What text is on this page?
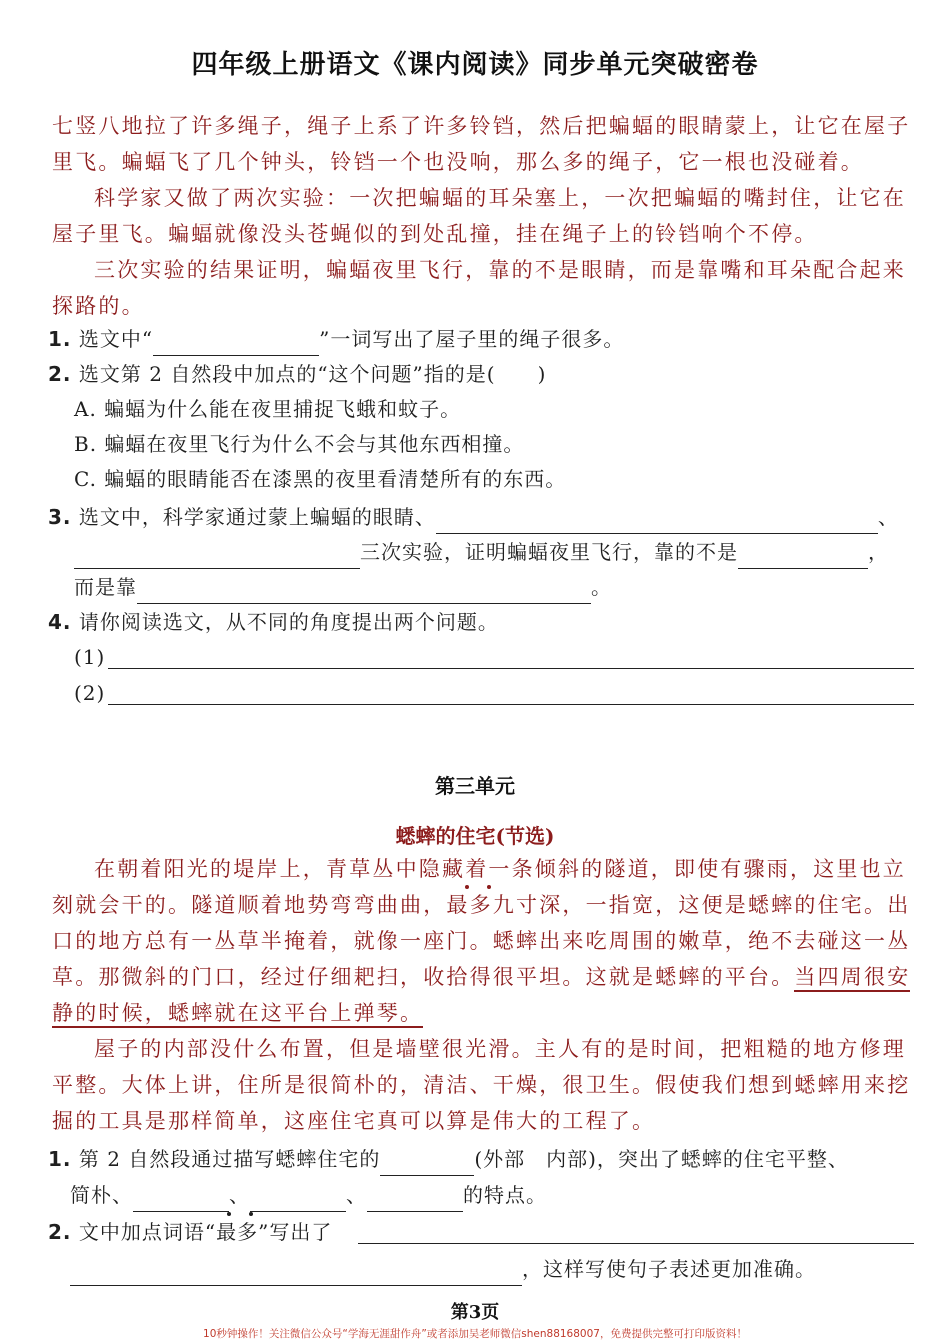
四年级上册语文《课内阅读》同步单元突破密卷

七竖八地拉了许多绳子，绳子上系了许多铃铛，然后把蝙蝠的眼睛蒙上，让它在屋子里飞。蝙蝠飞了几个钟头，铃铛一个也没响，那么多的绳子，它一根也没碰着。

科学家又做了两次实验：一次把蝙蝠的耳朵塞上，一次把蝙蝠的嘴封住，让它在屋子里飞。蝙蝠就像没头苍蝇似的到处乱撞，挂在绳子上的铃铛响个不停。

三次实验的结果证明，蝙蝠夜里飞行，靠的不是眼睛，而是靠嘴和耳朵配合起来探路的。

1. 选文中“	”一词写出了屋子里的绳子很多。
2. 选文第 2 自然段中加点的“这个问题”指的是(　　)
A. 蝙蝠为什么能在夜里捕捉飞蛾和蚊子。
B. 蝙蝠在夜里飞行为什么不会与其他东西相撞。
C. 蝙蝠的眼睛能否在漆黑的夜里看清楚所有的东西。
3. 选文中，科学家通过蒙上蝙蝠的眼睛、	、
三次实验，证明蝙蝠夜里飞行，靠的不是	，
而是靠	。
4. 请你阅读选文，从不同的角度提出两个问题。
(1)
(2)
第三单元
蟋蟀的住宅(节选)

在朝着阳光的堤岸上，青草丛中隐藏着一条倾斜的隧道，即使有骤雨，这里也立刻就会干的。隧道顺着地势弯弯曲曲，最多九寸深，一指宽，这便是蟋蟀的住宅。出口的地方总有一丛草半掩着，就像一座门。蟋蟀出来吃周围的嫩草，绝不去碰这一丛草。那微斜的门口，经过仔细耙扫，收拾得很平坦。这就是蟋蟀的平台。当四周很安静的时候，蟋蟀就在这平台上弹琴。

屋子的内部没什么布置，但是墙壁很光滑。主人有的是时间，把粗糙的地方修理平整。大体上讲，住所是很简朴的，清洁、干燥，很卫生。假使我们想到蟋蟀用来挖掘的工具是那样简单，这座住宅真可以算是伟大的工程了。

1. 第 2 自然段通过描写蟋蟀住宅的	(外部　内部)，突出了蟋蟀的住宅平整、
简朴、	、	、	的特点。
2. 文中加点词语“最多”写出了
，这样写使句子表述更加准确。
第3页
10秒钟操作！关注微信公众号“学海无涯甜作舟”或者添加吴老师微信shen88168007，免费提供完整可打印版资料！
